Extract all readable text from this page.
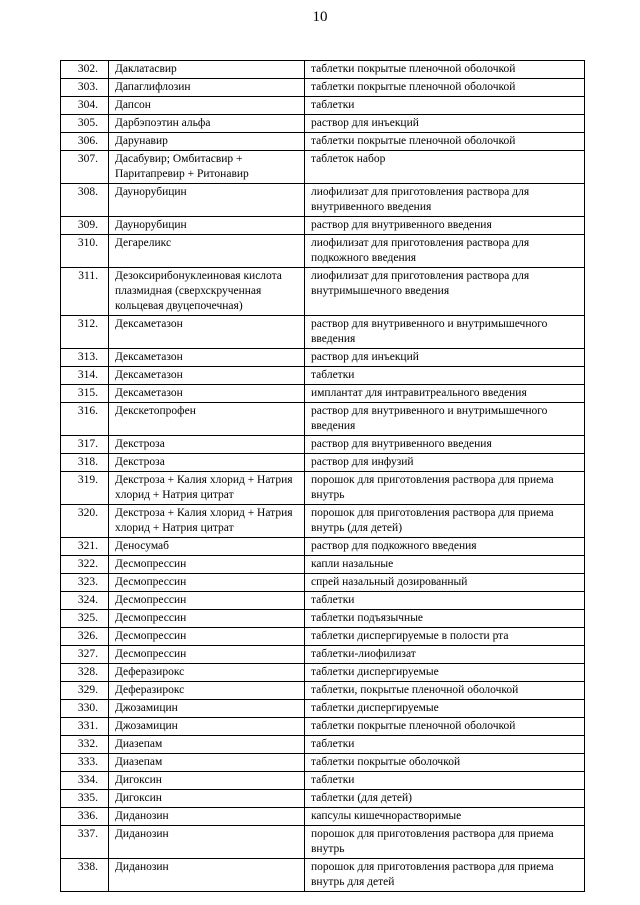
10
302.	Даклатасвир	таблетки покрытые пленочной оболочкой
303.	Дапаглифлозин	таблетки покрытые пленочной оболочкой
304.	Дапсон	таблетки
305.	Дарбэпоэтин альфа	раствор для инъекций
306.	Дарунавир	таблетки покрытые пленочной оболочкой
307.	Дасабувир; Омбитасвир + Паритапревир + Ритонавир	таблеток набор
308.	Даунорубицин	лиофилизат для приготовления раствора для внутривенного введения
309.	Даунорубицин	раствор для внутривенного введения
310.	Дегареликс	лиофилизат для приготовления раствора для подкожного введения
311.	Дезоксирибонуклеиновая кислота плазмидная (сверхскрученная кольцевая двуцепочечная)	лиофилизат для приготовления раствора для внутримышечного введения
312.	Дексаметазон	раствор для внутривенного и внутримышечного введения
313.	Дексаметазон	раствор для инъекций
314.	Дексаметазон	таблетки
315.	Дексаметазон	имплантат для интравитреального введения
316.	Декскетопрофен	раствор для внутривенного и внутримышечного введения
317.	Декстроза	раствор для внутривенного введения
318.	Декстроза	раствор для инфузий
319.	Декстроза + Калия хлорид + Натрия хлорид + Натрия цитрат	порошок для приготовления раствора для приема внутрь
320.	Декстроза + Калия хлорид + Натрия хлорид + Натрия цитрат	порошок для приготовления раствора для приема внутрь (для детей)
321.	Деносумаб	раствор для подкожного введения
322.	Десмопрессин	капли назальные
323.	Десмопрессин	спрей назальный дозированный
324.	Десмопрессин	таблетки
325.	Десмопрессин	таблетки подъязычные
326.	Десмопрессин	таблетки диспергируемые в полости рта
327.	Десмопрессин	таблетки-лиофилизат
328.	Деферазирокс	таблетки диспергируемые
329.	Деферазирокс	таблетки, покрытые пленочной оболочкой
330.	Джозамицин	таблетки диспергируемые
331.	Джозамицин	таблетки покрытые пленочной оболочкой
332.	Диазепам	таблетки
333.	Диазепам	таблетки покрытые оболочкой
334.	Дигоксин	таблетки
335.	Дигоксин	таблетки (для детей)
336.	Диданозин	капсулы кишечнорастворимые
337.	Диданозин	порошок для приготовления раствора для приема внутрь
338.	Диданозин	порошок для приготовления раствора для приема внутрь для детей
